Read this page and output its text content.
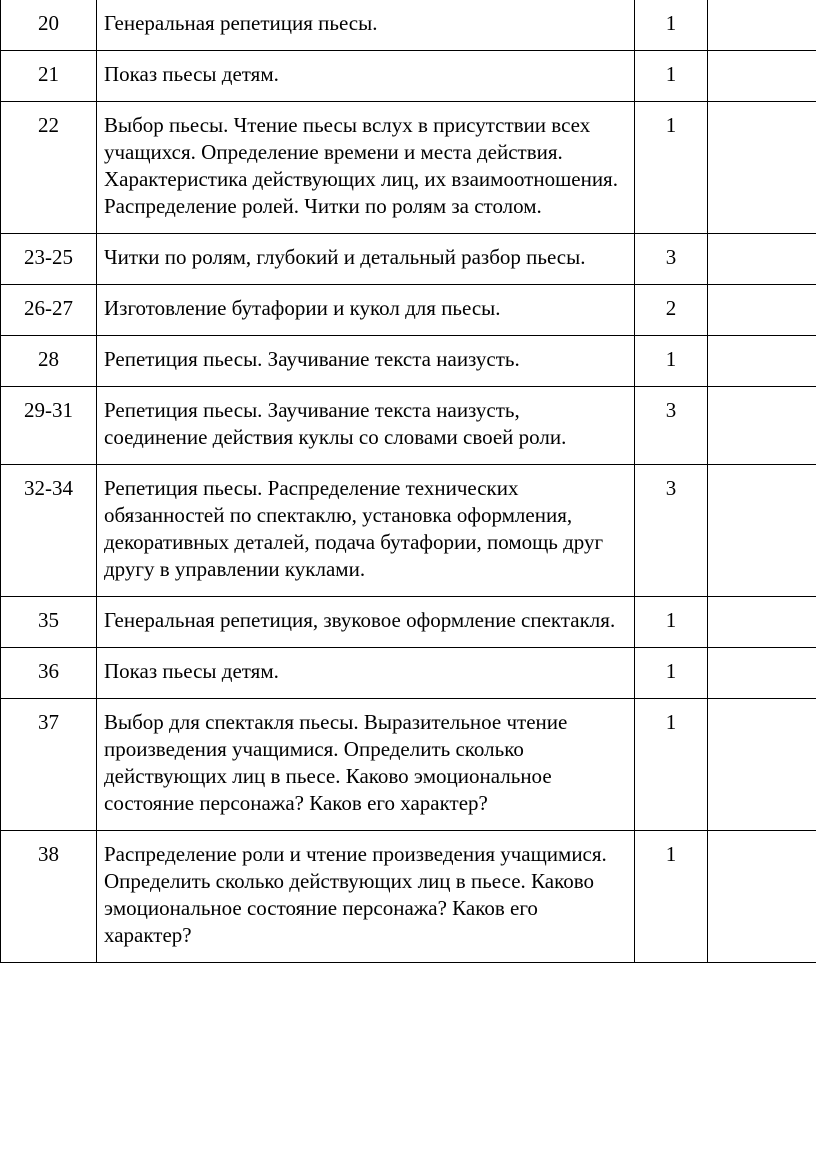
20	Генеральная репетиция пьесы.	1	
21	Показ пьесы детям.	1	
22	Выбор пьесы. Чтение пьесы вслух в присутствии всех учащихся. Определение времени и места действия. Характеристика действующих лиц, их взаимоотношения. Распределение ролей. Читки по ролям за столом.	1	
23-25	Читки по ролям, глубокий и детальный разбор пьесы.	3	
26-27	Изготовление бутафории и кукол для пьесы.	2	
28	Репетиция пьесы. Заучивание текста наизусть.	1	
29-31	Репетиция пьесы. Заучивание текста наизусть, соединение действия куклы со словами своей роли.	3	
32-34	Репетиция пьесы. Распределение технических обязанностей по спектаклю, установка оформления, декоративных деталей, подача бутафории, помощь друг другу в управлении куклами.	3	
35	Генеральная репетиция, звуковое оформление спектакля.	1	
36	Показ пьесы детям.	1	
37	Выбор для спектакля пьесы. Выразительное чтение произведения учащимися. Определить сколько действующих лиц в пьесе. Каково эмоциональное состояние персонажа? Каков его характер?	1	
38	Распределение роли и чтение произведения учащимися. Определить сколько действующих лиц в пьесе. Каково эмоциональное состояние персонажа? Каков его характер?	1	
